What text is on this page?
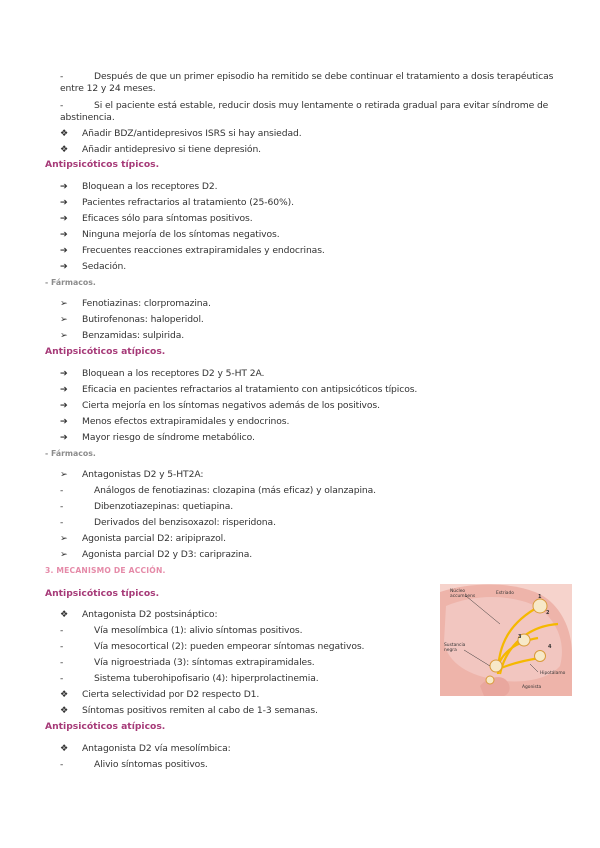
-	Después de que un primer episodio ha remitido se debe continuar el tratamiento a dosis terapéuticas
entre 12 y 24 meses.
-	Si el paciente está estable, reducir dosis muy lentamente o retirada gradual para evitar síndrome de
abstinencia.
❖ Añadir BDZ/antidepresivos ISRS si hay ansiedad.
❖ Añadir antidepresivo si tiene depresión.
Antipsicóticos típicos.
➔ Bloquean a los receptores D2.
➔ Pacientes refractarios al tratamiento (25-60%).
➔ Eficaces sólo para síntomas positivos.
➔ Ninguna mejoría de los síntomas negativos.
➔ Frecuentes reacciones extrapiramidales y endocrinas.
➔ Sedación.
- Fármacos.
➢ Fenotiazinas: clorpromazina.
➢ Butirofenonas: haloperidol.
➢ Benzamidas: sulpirida.
Antipsicóticos atípicos.
➔ Bloquean a los receptores D2 y 5-HT 2A.
➔ Eficacia en pacientes refractarios al tratamiento con antipsicóticos típicos.
➔ Cierta mejoría en los síntomas negativos además de los positivos.
➔ Menos efectos extrapiramidales y endocrinos.
➔ Mayor riesgo de síndrome metabólico.
- Fármacos.
➢ Antagonistas D2 y 5-HT2A:
-	Análogos de fenotiazinas: clozapina (más eficaz) y olanzapina.
-	Dibenzotiazepinas: quetiapina.
-	Derivados del benzisoxazol: risperidona.
➢ Agonista parcial D2: aripiprazol.
➢ Agonista parcial D2 y D3: cariprazina.
3. MECANISMO DE ACCIÓN.
Antipsicóticos típicos.
❖ Antagonista D2 postsináptico:
-	Vía mesolímbica (1): alivio síntomas positivos.
-	Vía mesocortical (2): pueden empeorar síntomas negativos.
-	Vía nigroestriada (3): síntomas extrapiramidales.
-	Sistema tuberohipofisario (4): hiperprolactinemia.
❖ Cierta selectividad por D2 respecto D1.
❖ Síntomas positivos remiten al cabo de 1-3 semanas.
Antipsicóticos atípicos.
❖ Antagonista D2 vía mesolímbica:
-	Alivio síntomas positivos.
Núcleo
accumbens
Estriado
Sustancia
negra
Hipotálamo
Agonista
1
2
3
4
